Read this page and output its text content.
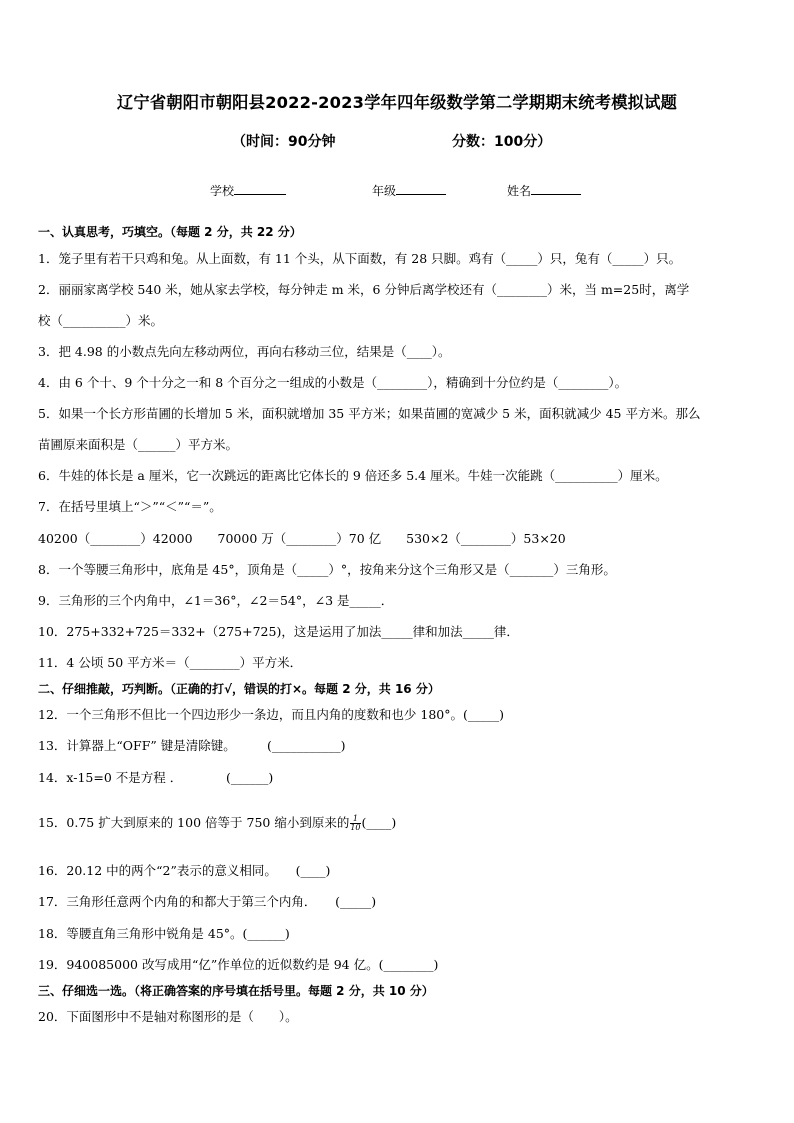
辽宁省朝阳市朝阳县2022-2023学年四年级数学第二学期期末统考模拟试题
（时间：90分钟	分数：100分）
学校	年级	姓名
一、认真思考，巧填空。（每题 2 分，共 22 分）
1．笼子里有若干只鸡和兔。从上面数，有 11 个头，从下面数，有 28 只脚。鸡有（_____）只，兔有（_____）只。
2．丽丽家离学校 540 米，她从家去学校，每分钟走 m 米，6 分钟后离学校还有（________）米，当 m=25时，离学
校（__________）米。
3．把 4.98 的小数点先向左移动两位，再向右移动三位，结果是（____）。
4．由 6 个十、9 个十分之一和 8 个百分之一组成的小数是（________），精确到十分位约是（________）。
5．如果一个长方形苗圃的长增加 5 米，面积就增加 35 平方米；如果苗圃的宽减少 5 米，面积就减少 45 平方米。那么
苗圃原来面积是（______）平方米。
6．牛娃的体长是 a 厘米，它一次跳远的距离比它体长的 9 倍还多 5.4 厘米。牛娃一次能跳（__________）厘米。
7．在括号里填上“＞”“＜”“＝”。
40200（________）42000　　70000 万（________）70 亿　　530×2（________）53×20
8．一个等腰三角形中，底角是 45°，顶角是（_____）°，按角来分这个三角形又是（_______）三角形。
9．三角形的三个内角中，∠1＝36°，∠2＝54°，∠3 是_____．
10．275+332+725＝332+（275+725)，这是运用了加法_____律和加法_____律．
11．4 公顷 50 平方米＝（________）平方米．
二、仔细推敲，巧判断。（正确的打√，错误的打×。每题 2 分，共 16 分）
12．一个三角形不但比一个四边形少一条边，而且内角的度数和也少 180°。(_____)
13．计算器上“OFF” 键是清除键。　　　(___________)
14．x-15=0 不是方程 ．　　　　(______)
15．0.75 扩大到原来的 100 倍等于 750 缩小到原来的 $\frac{1}{10}$ (____)
16．20.12 中的两个“2”表示的意义相同。　　(____)
17．三角形任意两个内角的和都大于第三个内角．　　(_____)
18．等腰直角三角形中锐角是 45°。(______)
19．940085000 改写成用“亿”作单位的近似数约是 94 亿。(________)
三、仔细选一选。（将正确答案的序号填在括号里。每题 2 分，共 10 分）
20．下面图形中不是轴对称图形的是（　　）。
